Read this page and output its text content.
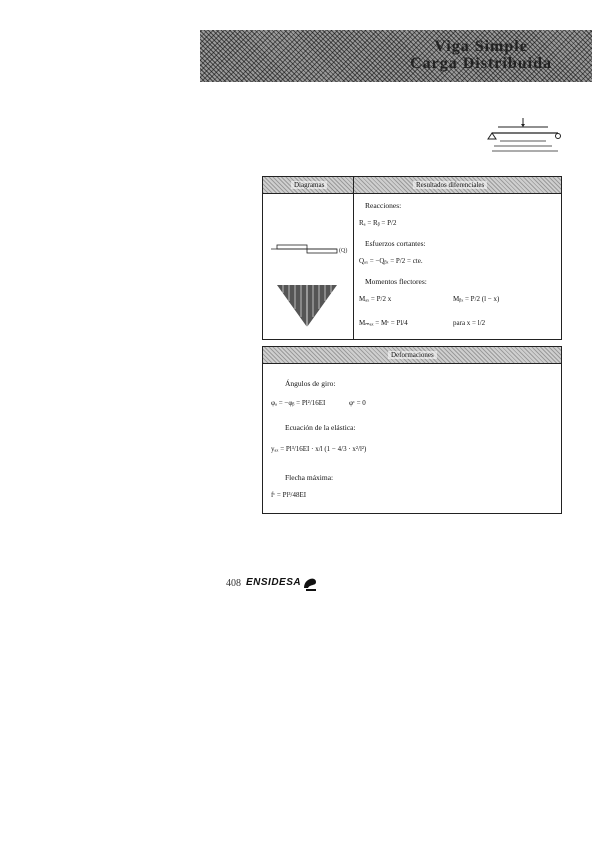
Viga Simple
Carga Distribuida
Diagramas	Resultados diferenciales
(Q)
Reacciones:
Rₐ = Rᵦ = P/2
Esfuerzos cortantes:
Qₐₓ = −Qᵦₓ = P/2 = cte.
Momentos flectores:
Mₐₓ = P/2 x	Mᵦₓ = P/2 (l − x)
Mₘₐₓ = Mᶜ = Pl/4	para x = l/2
Deformaciones
Ángulos de giro:
φₐ = −φᵦ = Pl²/16EI	φᶜ = 0
Ecuación de la elástica:
yₐₓ = Pl³/16EI · x/l (1 − 4/3 · x²/l²)
Flecha máxima:
fᶜ = Pl³/48EI
408 ENSIDESA
